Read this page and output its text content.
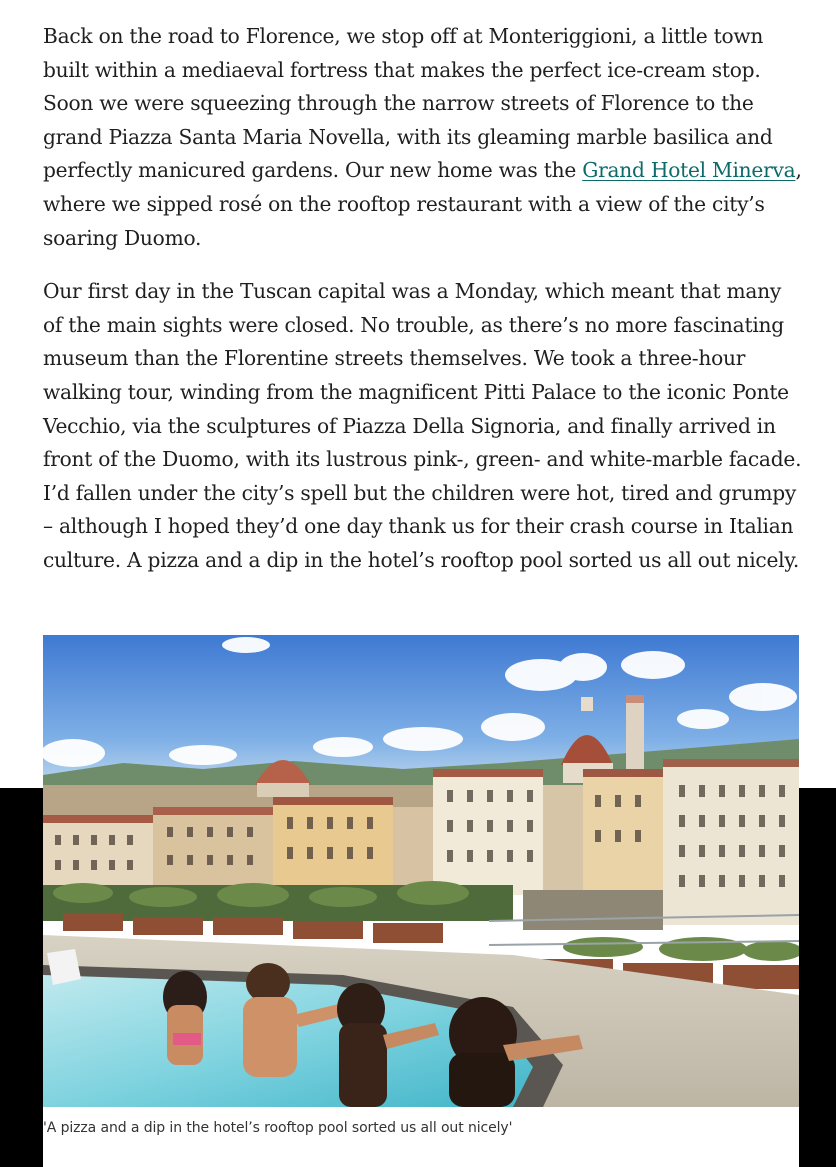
Back on the road to Florence, we stop off at Monteriggioni, a little town built within a mediaeval fortress that makes the perfect ice-cream stop. Soon we were squeezing through the narrow streets of Florence to the grand Piazza Santa Maria Novella, with its gleaming marble basilica and perfectly manicured gardens. Our new home was the Grand Hotel Minerva, where we sipped rosé on the rooftop restaurant with a view of the city’s soaring Duomo.

Our first day in the Tuscan capital was a Monday, which meant that many of the main sights were closed. No trouble, as there’s no more fascinating museum than the Florentine streets themselves. We took a three-hour walking tour, winding from the magnificent Pitti Palace to the iconic Ponte Vecchio, via the sculptures of Piazza Della Signoria, and finally arrived in front of the Duomo, with its lustrous pink-, green- and white-marble facade. I’d fallen under the city’s spell but the children were hot, tired and grumpy – although I hoped they’d one day thank us for their crash course in Italian culture. A pizza and a dip in the hotel’s rooftop pool sorted us all out nicely.

'A pizza and a dip in the hotel’s rooftop pool sorted us all out nicely'
